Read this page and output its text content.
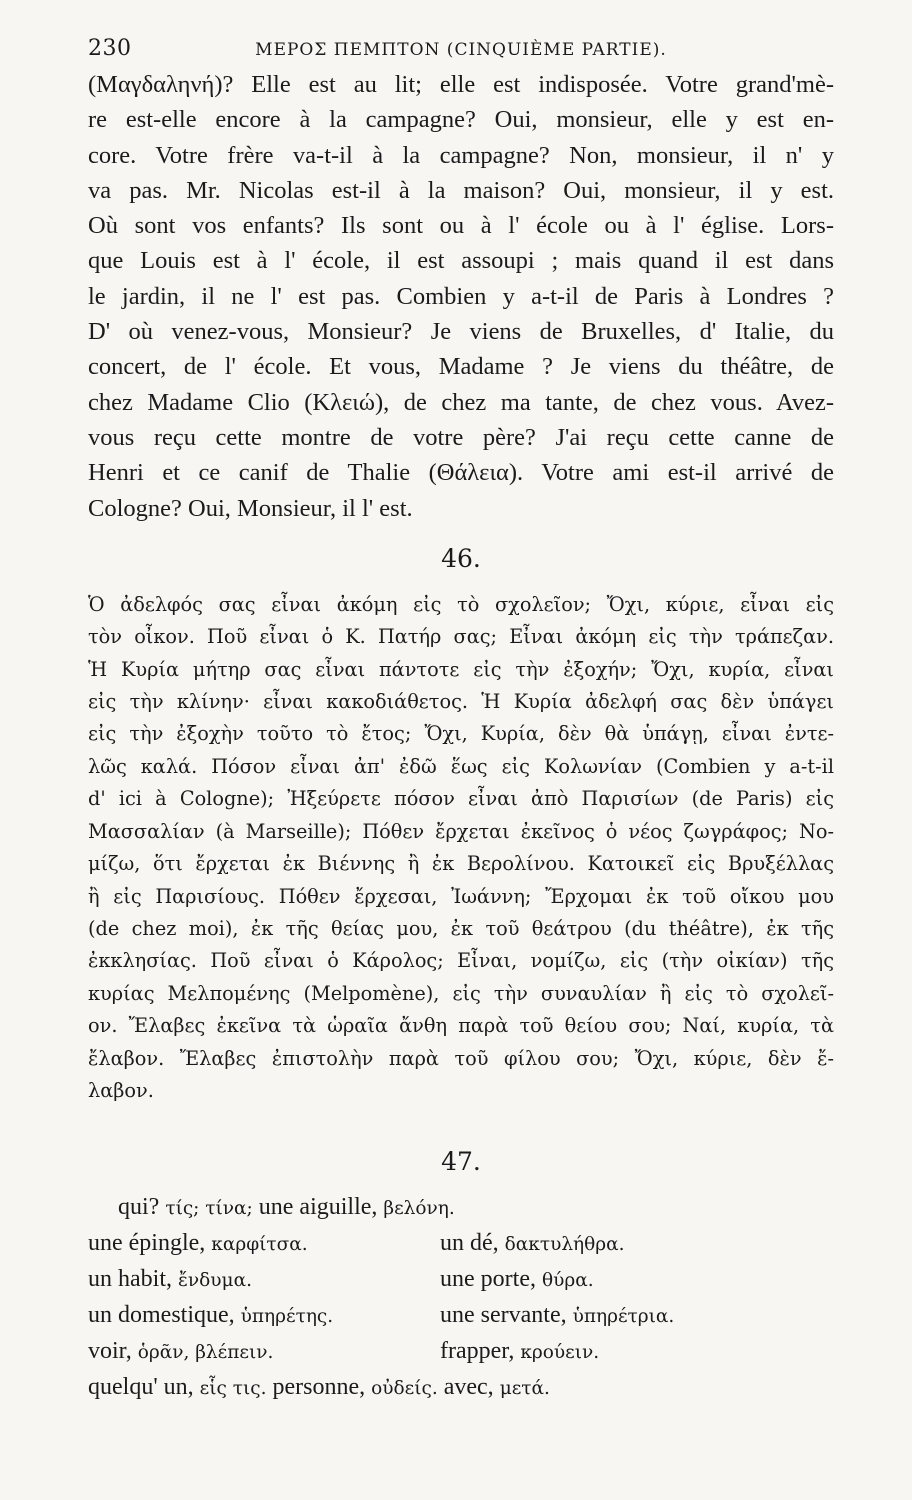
230	ΜΕΡΟΣ ΠΕΜΠΤΟΝ (CINQUIÈME PARTIE).
(Μαγδαληνή)? Elle est au lit; elle est indisposée. Votre grand'mè-
re est-elle encore à la campagne? Oui, monsieur, elle y est en-
core. Votre frère va-t-il à la campagne? Non, monsieur, il n' y
va pas. Mr. Nicolas est-il à la maison? Oui, monsieur, il y est.
Où sont vos enfants? Ils sont ou à l' école ou à l' église. Lors-
que Louis est à l' école, il est assoupi ; mais quand il est dans
le jardin, il ne l' est pas. Combien y a-t-il de Paris à Londres ?
D' où venez-vous, Monsieur? Je viens de Bruxelles, d' Italie, du
concert, de l' école. Et vous, Madame ? Je viens du théâtre, de
chez Madame Clio (Κλειώ), de chez ma tante, de chez vous. Avez-
vous reçu cette montre de votre père? J'ai reçu cette canne de
Henri et ce canif de Thalie (Θάλεια). Votre ami est-il arrivé de
Cologne? Oui, Monsieur, il l' est.
46.
Ὁ ἀδελφός σας εἶναι ἀκόμη εἰς τὸ σχολεῖον; Ὄχι, κύριε, εἶναι εἰς
τὸν οἶκον. Ποῦ εἶναι ὁ Κ. Πατήρ σας; Εἶναι ἀκόμη εἰς τὴν τράπεζαν.
Ἡ Κυρία μήτηρ σας εἶναι πάντοτε εἰς τὴν ἐξοχήν; Ὄχι, κυρία, εἶναι
εἰς τὴν κλίνην· εἶναι κακοδιάθετος. Ἡ Κυρία ἀδελφή σας δὲν ὑπάγει
εἰς τὴν ἐξοχὴν τοῦτο τὸ ἔτος; Ὄχι, Κυρία, δὲν θὰ ὑπάγῃ, εἶναι ἐντε-
λῶς καλά. Πόσον εἶναι ἀπ' ἐδῶ ἕως εἰς Κολωνίαν (Combien y a-t-il
d' ici à Cologne); Ἠξεύρετε πόσον εἶναι ἀπὸ Παρισίων (de Paris) εἰς
Μασσαλίαν (à Marseille); Πόθεν ἔρχεται ἐκεῖνος ὁ νέος ζωγράφος; Νο-
μίζω, ὅτι ἔρχεται ἐκ Βιέννης ἢ ἐκ Βερολίνου. Κατοικεῖ εἰς Βρυξέλλας
ἢ εἰς Παρισίους. Πόθεν ἔρχεσαι, Ἰωάννη; Ἔρχομαι ἐκ τοῦ οἴκου μου
(de chez moi), ἐκ τῆς θείας μου, ἐκ τοῦ θεάτρου (du théâtre), ἐκ τῆς
ἐκκλησίας. Ποῦ εἶναι ὁ Κάρολος; Εἶναι, νομίζω, εἰς (τὴν οἰκίαν) τῆς
κυρίας Μελπομένης (Melpomène), εἰς τὴν συναυλίαν ἢ εἰς τὸ σχολεῖ-
ον. Ἔλαβες ἐκεῖνα τὰ ὡραῖα ἄνθη παρὰ τοῦ θείου σου; Ναί, κυρία, τὰ
ἔλαβον. Ἔλαβες ἐπιστολὴν παρὰ τοῦ φίλου σου; Ὄχι, κύριε, δὲν ἔ-
λαβον.
47.
qui? τίς; τίνα; une aiguille, βελόνη.
une épingle, καρφίτσα.	un dé, δακτυλήθρα.
un habit, ἔνδυμα.	une porte, θύρα.
un domestique, ὑπηρέτης.	une servante, ὑπηρέτρια.
voir, ὁρᾶν, βλέπειν.	frapper, κρούειν.
quelqu' un, εἷς τις. personne, οὐδείς. avec, μετά.
